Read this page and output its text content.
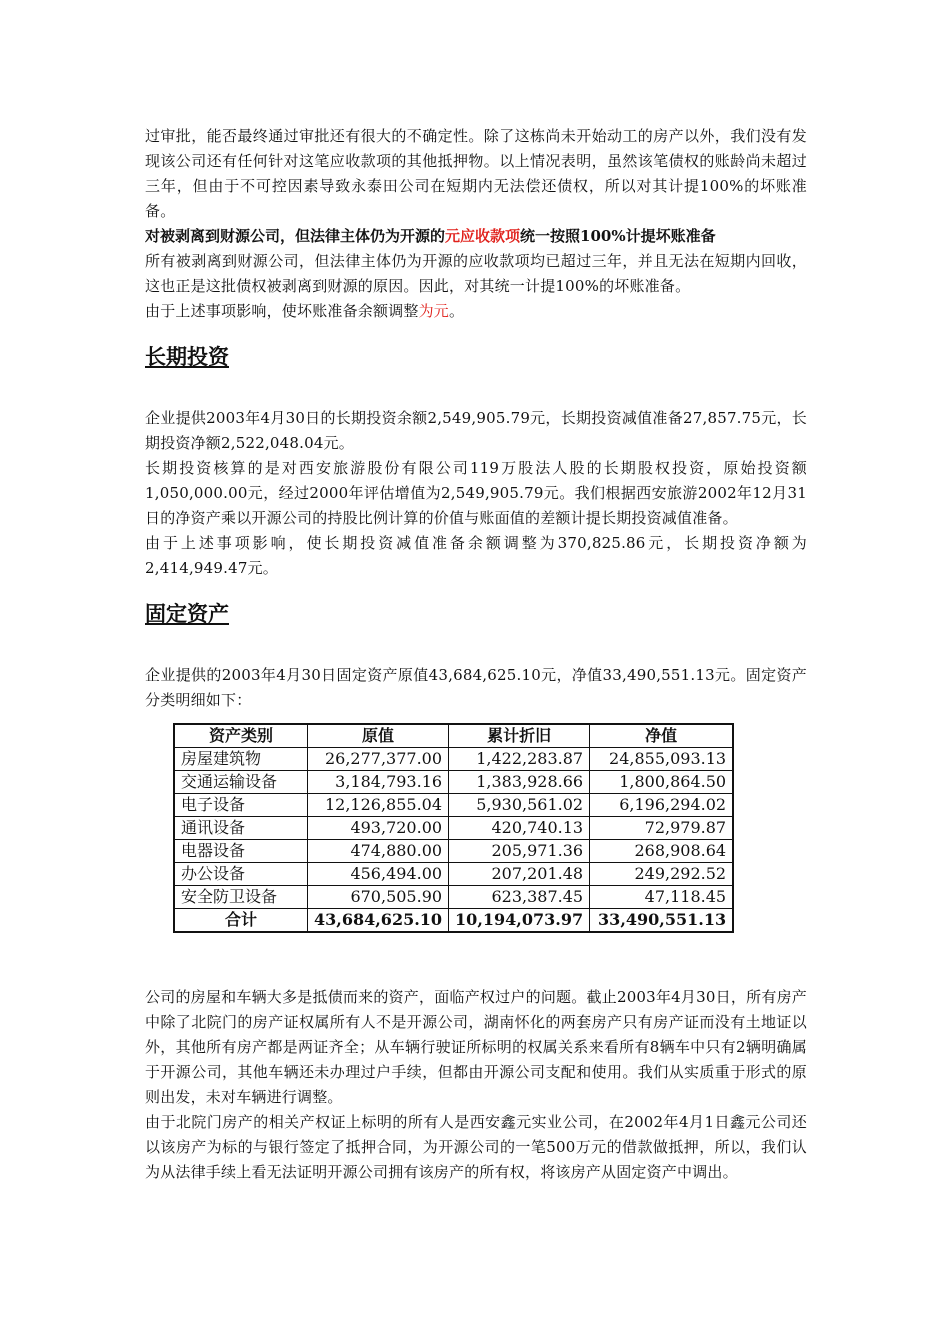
过审批，能否最终通过审批还有很大的不确定性。除了这栋尚未开始动工的房产以外，我们没有发现该公司还有任何针对这笔应收款项的其他抵押物。以上情况表明，虽然该笔债权的账龄尚未超过三年，但由于不可控因素导致永泰田公司在短期内无法偿还债权，所以对其计提100%的坏账准备。

对被剥离到财源公司，但法律主体仍为开源的元应收款项统一按照100%计提坏账准备

所有被剥离到财源公司，但法律主体仍为开源的应收款项均已超过三年，并且无法在短期内回收，这也正是这批债权被剥离到财源的原因。因此，对其统一计提100%的坏账准备。

由于上述事项影响，使坏账准备余额调整为元。

长期投资

企业提供2003年4月30日的长期投资余额2,549,905.79元，长期投资减值准备27,857.75元，长期投资净额2,522,048.04元。

长期投资核算的是对西安旅游股份有限公司119万股法人股的长期股权投资，原始投资额1,050,000.00元，经过2000年评估增值为2,549,905.79元。我们根据西安旅游2002年12月31日的净资产乘以开源公司的持股比例计算的价值与账面值的差额计提长期投资减值准备。

由于上述事项影响，使长期投资减值准备余额调整为370,825.86元，长期投资净额为2,414,949.47元。

固定资产

企业提供的2003年4月30日固定资产原值43,684,625.10元，净值33,490,551.13元。固定资产分类明细如下：

资产类别	原值	累计折旧	净值
房屋建筑物	26,277,377.00	1,422,283.87	24,855,093.13
交通运输设备	3,184,793.16	1,383,928.66	1,800,864.50
电子设备	12,126,855.04	5,930,561.02	6,196,294.02
通讯设备	493,720.00	420,740.13	72,979.87
电器设备	474,880.00	205,971.36	268,908.64
办公设备	456,494.00	207,201.48	249,292.52
安全防卫设备	670,505.90	623,387.45	47,118.45
合计	43,684,625.10	10,194,073.97	33,490,551.13

公司的房屋和车辆大多是抵债而来的资产，面临产权过户的问题。截止2003年4月30日，所有房产中除了北院门的房产证权属所有人不是开源公司，湖南怀化的两套房产只有房产证而没有土地证以外，其他所有房产都是两证齐全；从车辆行驶证所标明的权属关系来看所有8辆车中只有2辆明确属于开源公司，其他车辆还未办理过户手续，但都由开源公司支配和使用。我们从实质重于形式的原则出发，未对车辆进行调整。

由于北院门房产的相关产权证上标明的所有人是西安鑫元实业公司，在2002年4月1日鑫元公司还以该房产为标的与银行签定了抵押合同，为开源公司的一笔500万元的借款做抵押，所以，我们认为从法律手续上看无法证明开源公司拥有该房产的所有权，将该房产从固定资产中调出。
